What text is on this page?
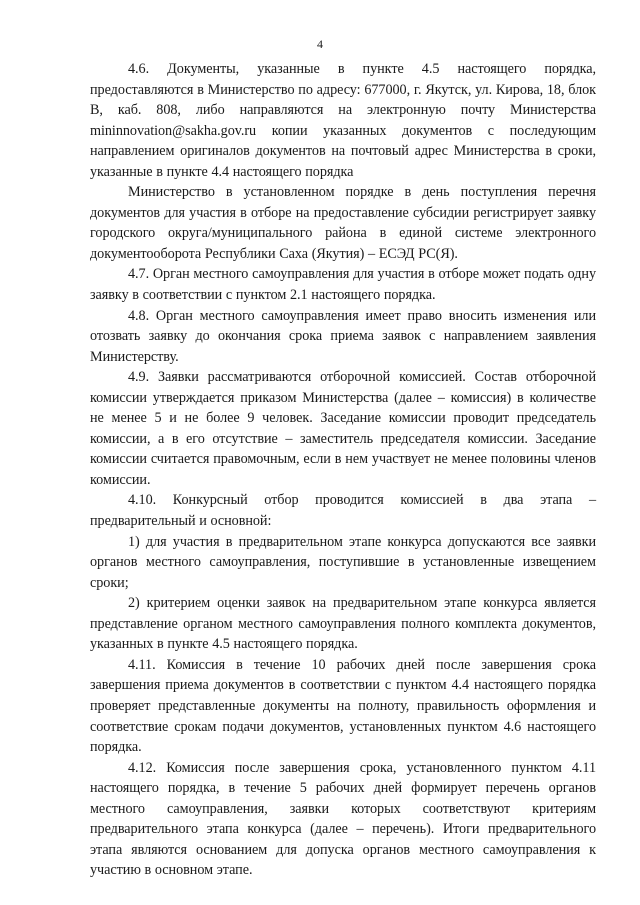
4

4.6. Документы, указанные в пункте 4.5 настоящего порядка, предоставляются в Министерство по адресу: 677000, г. Якутск, ул. Кирова, 18, блок В, каб. 808, либо направляются на электронную почту Министерства mininnovation@sakha.gov.ru копии указанных документов с последующим направлением оригиналов документов на почтовый адрес Министерства в сроки, указанные в пункте 4.4 настоящего порядка

Министерство в установленном порядке в день поступления перечня документов для участия в отборе на предоставление субсидии регистрирует заявку городского округа/муниципального района в единой системе электронного документооборота Республики Саха (Якутия) – ЕСЭД РС(Я).

4.7. Орган местного самоуправления для участия в отборе может подать одну заявку в соответствии с пунктом 2.1 настоящего порядка.

4.8. Орган местного самоуправления имеет право вносить изменения или отозвать заявку до окончания срока приема заявок с направлением заявления Министерству.

4.9. Заявки рассматриваются отборочной комиссией. Состав отборочной комиссии утверждается приказом Министерства (далее – комиссия) в количестве не менее 5 и не более 9 человек. Заседание комиссии проводит председатель комиссии, а в его отсутствие – заместитель председателя комиссии. Заседание комиссии считается правомочным, если в нем участвует не менее половины членов комиссии.

4.10. Конкурсный отбор проводится комиссией в два этапа – предварительный и основной:

1) для участия в предварительном этапе конкурса допускаются все заявки органов местного самоуправления, поступившие в установленные извещением сроки;

2) критерием оценки заявок на предварительном этапе конкурса является представление органом местного самоуправления полного комплекта документов, указанных в пункте 4.5 настоящего порядка.

4.11. Комиссия в течение 10 рабочих дней после завершения срока завершения приема документов в соответствии с пунктом 4.4 настоящего порядка проверяет представленные документы на полноту, правильность оформления и соответствие срокам подачи документов, установленных пунктом 4.6 настоящего порядка.

4.12. Комиссия после завершения срока, установленного пунктом 4.11 настоящего порядка, в течение 5 рабочих дней формирует перечень органов местного самоуправления, заявки которых соответствуют критериям предварительного этапа конкурса (далее – перечень). Итоги предварительного этапа являются основанием для допуска органов местного самоуправления к участию в основном этапе.
